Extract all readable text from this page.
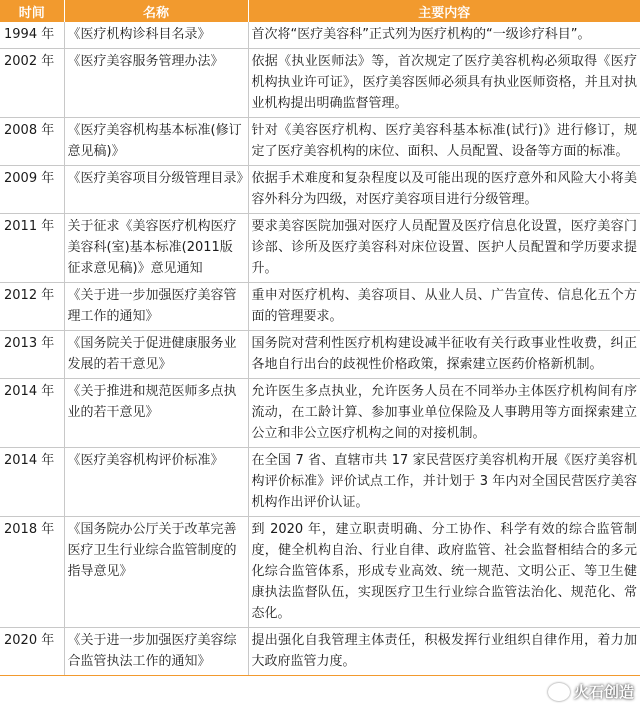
时间	名称	主要内容
1994 年	《医疗机构诊科目名录》	首次将“医疗美容科”正式列为医疗机构的“一级诊疗科目”。
2002 年	《医疗美容服务管理办法》	依据《执业医师法》等，首次规定了医疗美容机构必须取得《医疗机构执业许可证》，医疗美容医师必须具有执业医师资格，并且对执业机构提出明确监督管理。
2008 年	《医疗美容机构基本标准(修订意见稿)》	针对《美容医疗机构、医疗美容科基本标准(试行)》进行修订，规定了医疗美容机构的床位、面积、人员配置、设备等方面的标准。
2009 年	《医疗美容项目分级管理目录》	依据手术难度和复杂程度以及可能出现的医疗意外和风险大小将美容外科分为四级，对医疗美容项目进行分级管理。
2011 年	关于征求《美容医疗机构医疗美容科(室)基本标准(2011版征求意见稿)》意见通知	要求美容医院加强对医疗人员配置及医疗信息化设置，医疗美容门诊部、诊所及医疗美容科对床位设置、医护人员配置和学历要求提升。
2012 年	《关于进一步加强医疗美容管理工作的通知》	重申对医疗机构、美容项目、从业人员、广告宣传、信息化五个方面的管理要求。
2013 年	《国务院关于促进健康服务业发展的若干意见》	国务院对营利性医疗机构建设减半征收有关行政事业性收费，纠正各地自行出台的歧视性价格政策，探索建立医药价格新机制。
2014 年	《关于推进和规范医师多点执业的若干意见》	允许医生多点执业，允许医务人员在不同举办主体医疗机构间有序流动，在工龄计算、参加事业单位保险及人事聘用等方面探索建立公立和非公立医疗机构之间的对接机制。
2014 年	《医疗美容机构评价标准》	在全国 7 省、直辖市共 17 家民营医疗美容机构开展《医疗美容机构评价标准》评价试点工作，并计划于 3 年内对全国民营医疗美容机构作出评价认证。
2018 年	《国务院办公厅关于改革完善医疗卫生行业综合监管制度的指导意见》	到 2020 年，建立职责明确、分工协作、科学有效的综合监管制度，健全机构自治、行业自律、政府监管、社会监督相结合的多元化综合监管体系，形成专业高效、统一规范、文明公正、等卫生健康执法监督队伍，实现医疗卫生行业综合监管法治化、规范化、常态化。
2020 年	《关于进一步加强医疗美容综合监管执法工作的通知》	提出强化自我管理主体责任，积极发挥行业组织自律作用，着力加大政府监管力度。
火石创造
